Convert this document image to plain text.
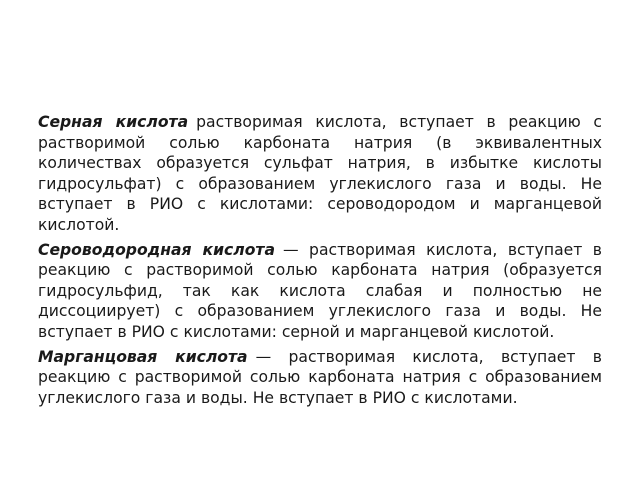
Серная кислота растворимая кислота, вступает в реакцию с растворимой солью карбоната натрия (в эквивалентных количествах образуется сульфат натрия, в избытке кислоты гидросульфат) с образованием углекислого газа и воды. Не вступает в РИО с кислотами: сероводородом и марганцевой кислотой.

Сероводородная кислота — растворимая кислота, вступает в реакцию с растворимой солью карбоната натрия (образуется гидросульфид, так как кислота слабая и полностью не диссоциирует) с образованием углекислого газа и воды. Не вступает в РИО с кислотами: серной и марганцевой кислотой.

Марганцовая кислота — растворимая кислота, вступает в реакцию с растворимой солью карбоната натрия с образованием углекислого газа и воды. Не вступает в РИО с кислотами.
